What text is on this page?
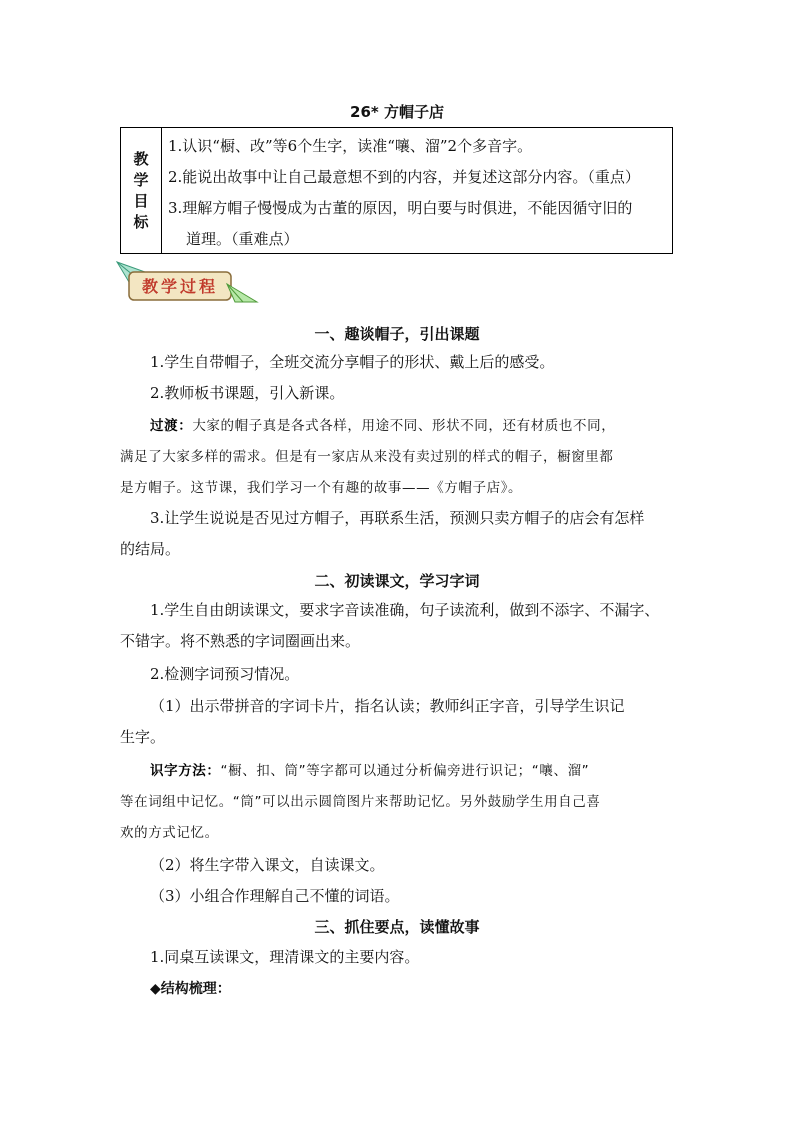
26* 方帽子店
教
学
目
标
1.认识“橱、改”等6个生字，读准“嚷、溜”2个多音字。
2.能说出故事中让自己最意想不到的内容，并复述这部分内容。（重点）
3.理解方帽子慢慢成为古董的原因，明白要与时俱进，不能因循守旧的
道理。（重难点）
教学过程
一、趣谈帽子，引出课题
1.学生自带帽子，全班交流分享帽子的形状、戴上后的感受。
2.教师板书课题，引入新课。
过渡：大家的帽子真是各式各样，用途不同、形状不同，还有材质也不同，
满足了大家多样的需求。但是有一家店从来没有卖过别的样式的帽子，橱窗里都
是方帽子。这节课，我们学习一个有趣的故事——《方帽子店》。
3.让学生说说是否见过方帽子，再联系生活，预测只卖方帽子的店会有怎样
的结局。
二、初读课文，学习字词
1.学生自由朗读课文，要求字音读准确，句子读流利，做到不添字、不漏字、
不错字。将不熟悉的字词圈画出来。
2.检测字词预习情况。
（1）出示带拼音的字词卡片，指名认读；教师纠正字音，引导学生识记
生字。
识字方法：“橱、扣、筒”等字都可以通过分析偏旁进行识记；“嚷、溜”
等在词组中记忆。“筒”可以出示圆筒图片来帮助记忆。另外鼓励学生用自己喜
欢的方式记忆。
（2）将生字带入课文，自读课文。
（3）小组合作理解自己不懂的词语。
三、抓住要点，读懂故事
1.同桌互读课文，理清课文的主要内容。
◆结构梳理：
